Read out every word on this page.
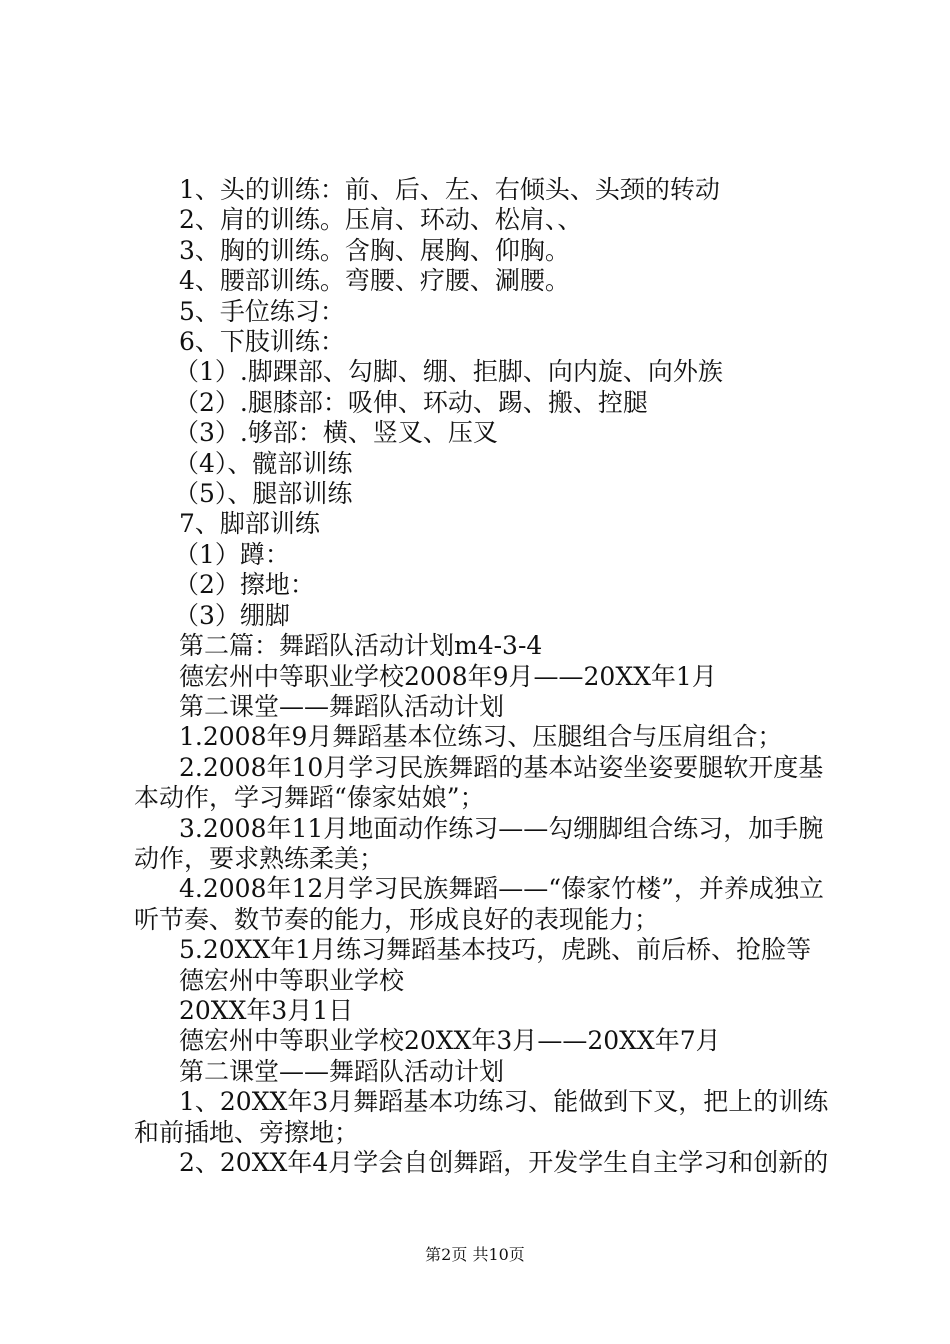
1、头的训练：前、后、左、右倾头、头颈的转动
2、肩的训练。压肩、环动、松肩、、
3、胸的训练。含胸、展胸、仰胸。
4、腰部训练。弯腰、疗腰、涮腰。
5、手位练习：
6、下肢训练：
（1）.脚踝部、勾脚、绷、拒脚、向内旋、向外族
（2）.腿膝部：吸伸、环动、踢、搬、控腿
（3）.够部：横、竖叉、压叉
（4）、髋部训练
（5）、腿部训练
7、脚部训练
（1）蹲：
（2）擦地：
（3）绷脚
第二篇：舞蹈队活动计划m4-3-4
德宏州中等职业学校2008年9月——20XX年1月
第二课堂——舞蹈队活动计划
1.2008年9月舞蹈基本位练习、压腿组合与压肩组合；
2.2008年10月学习民族舞蹈的基本站姿坐姿要腿软开度基本动作，学习舞蹈“傣家姑娘”；
3.2008年11月地面动作练习——勾绷脚组合练习，加手腕动作，要求熟练柔美；
4.2008年12月学习民族舞蹈——“傣家竹楼”，并养成独立听节奏、数节奏的能力，形成良好的表现能力；
5.20XX年1月练习舞蹈基本技巧，虎跳、前后桥、抢脸等
德宏州中等职业学校
20XX年3月1日
德宏州中等职业学校20XX年3月——20XX年7月
第二课堂——舞蹈队活动计划
1、20XX年3月舞蹈基本功练习、能做到下叉，把上的训练和前插地、旁擦地；
2、20XX年4月学会自创舞蹈，开发学生自主学习和创新的
第2页 共10页
